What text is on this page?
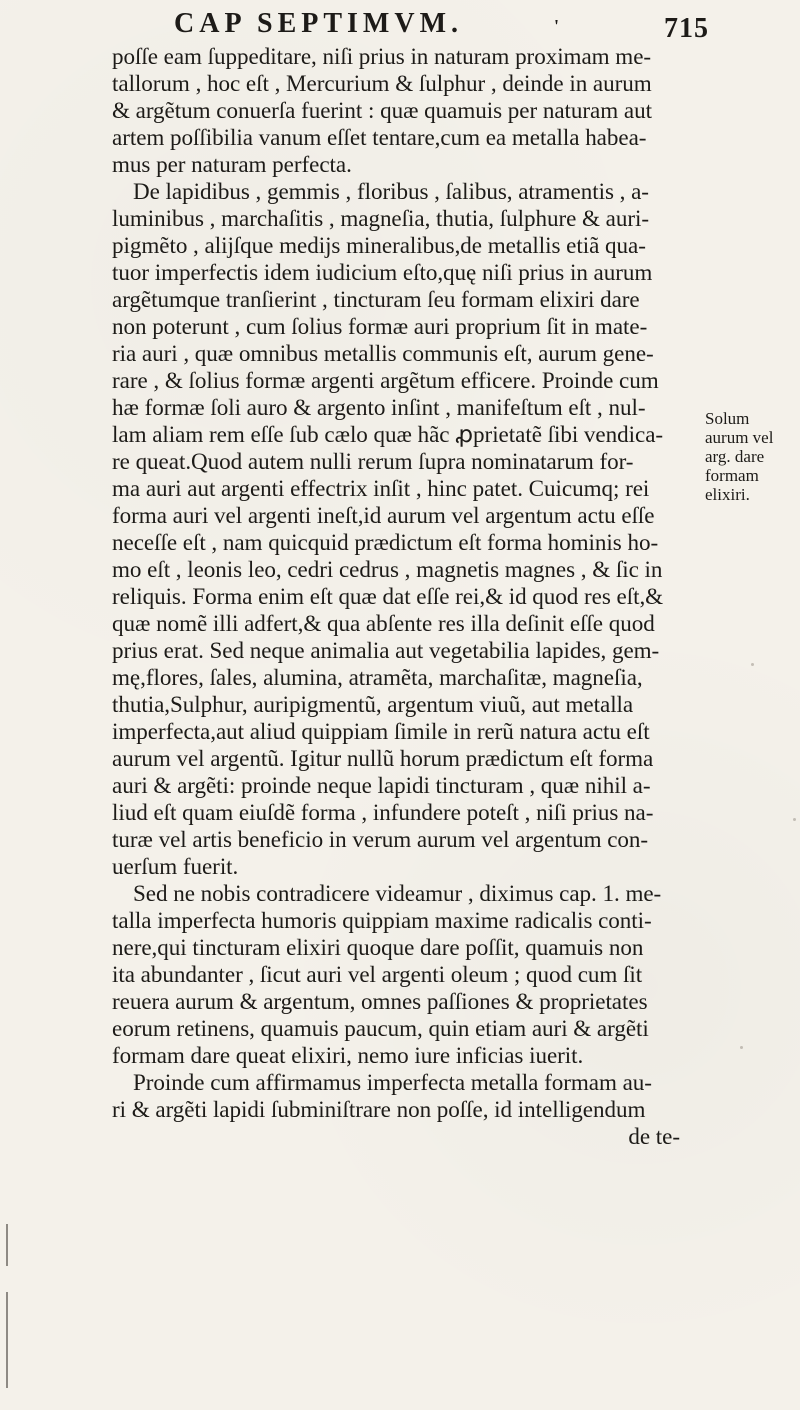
CAP SEPTIMVM.	'	715
poſſe eam ſuppeditare, niſi prius in naturam proximam me-
tallorum , hoc eſt , Mercurium & ſulphur , deinde in aurum
& argẽtum conuerſa fuerint : quæ quamuis per naturam aut
artem poſſibilia vanum eſſet tentare,cum ea metalla habea-
mus per naturam perfecta.
De lapidibus , gemmis , floribus , ſalibus, atramentis , a-
luminibus , marchaſitis , magneſia, thutia, ſulphure & auri-
pigmẽto , alijſque medijs mineralibus,de metallis etiã qua-
tuor imperfectis idem iudicium eſto,quę niſi prius in aurum
argẽtumque tranſierint , tincturam ſeu formam elixiri dare
non poterunt , cum ſolius formæ auri proprium ſit in mate-
ria auri , quæ omnibus metallis communis eſt, aurum gene-
rare , & ſolius formæ argenti argẽtum efficere. Proinde cum
hæ formæ ſoli auro & argento inſint , manifeſtum eſt , nul-
lam aliam rem eſſe ſub cælo quæ hãc ꝓprietatẽ ſibi vendica-
re queat.Quod autem nulli rerum ſupra nominatarum for-
ma auri aut argenti effectrix inſit , hinc patet. Cuicumq; rei
forma auri vel argenti ineſt,id aurum vel argentum actu eſſe
neceſſe eſt , nam quicquid prædictum eſt forma hominis ho-
mo eſt , leonis leo, cedri cedrus , magnetis magnes , & ſic in
reliquis. Forma enim eſt quæ dat eſſe rei,& id quod res eſt,&
quæ nomẽ illi adfert,& qua abſente res illa deſinit eſſe quod
prius erat. Sed neque animalia aut vegetabilia lapides, gem-
mę,flores, ſales, alumina, atramẽta, marchaſitæ, magneſia,
thutia,Sulphur, auripigmentũ, argentum viuũ, aut metalla
imperfecta,aut aliud quippiam ſimile in rerũ natura actu eſt
aurum vel argentũ. Igitur nullũ horum prædictum eſt forma
auri & argẽti: proinde neque lapidi tincturam , quæ nihil a-
liud eſt quam eiuſdẽ forma , infundere poteſt , niſi prius na-
turæ vel artis beneficio in verum aurum vel argentum con-
uerſum fuerit.
Sed ne nobis contradicere videamur , diximus cap. 1. me-
talla imperfecta humoris quippiam maxime radicalis conti-
nere,qui tincturam elixiri quoque dare poſſit, quamuis non
ita abundanter , ſicut auri vel argenti oleum ; quod cum ſit
reuera aurum & argentum, omnes paſſiones & proprietates
eorum retinens, quamuis paucum, quin etiam auri & argẽti
formam dare queat elixiri, nemo iure inficias iuerit.
Proinde cum affirmamus imperfecta metalla formam au-
ri & argẽti lapidi ſubminiſtrare non poſſe, id intelligendum
de te-
Solum
aurum vel
arg. dare
formam
elixiri.
